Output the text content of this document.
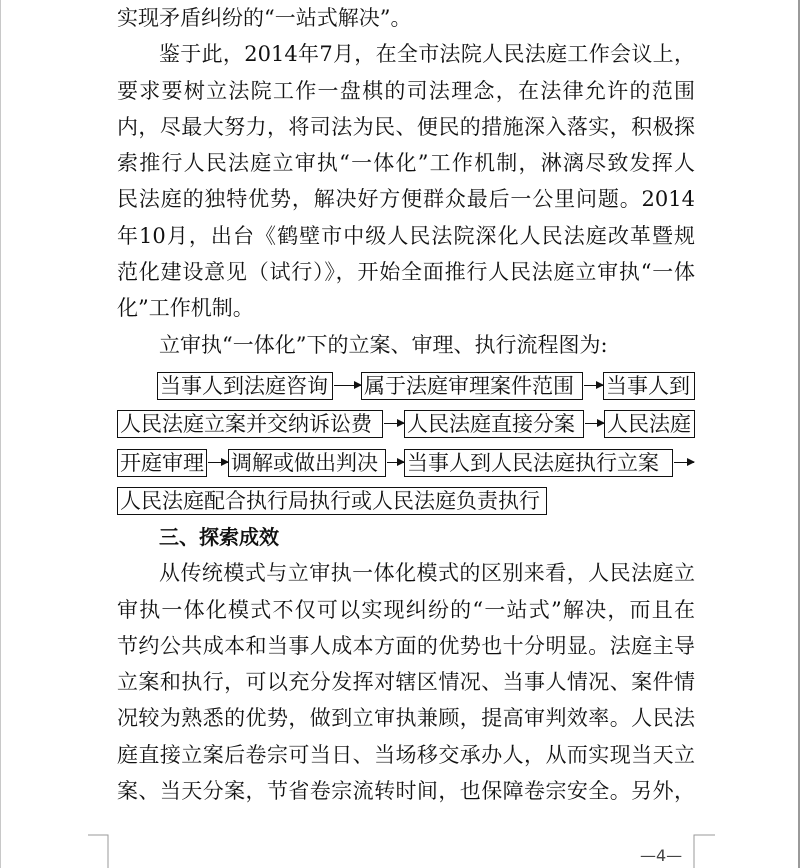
实现矛盾纠纷的“一站式解决”。
鉴于此，2014年7月，在全市法院人民法庭工作会议上，
要求要树立法院工作一盘棋的司法理念，在法律允许的范围
内，尽最大努力，将司法为民、便民的措施深入落实，积极探
索推行人民法庭立审执“一体化”工作机制，淋漓尽致发挥人
民法庭的独特优势，解决好方便群众最后一公里问题。2014
年10月，出台《鹤壁市中级人民法院深化人民法庭改革暨规
范化建设意见（试行）》，开始全面推行人民法庭立审执“一体
化”工作机制。
立审执“一体化”下的立案、审理、执行流程图为:
当事人到法庭咨询 属于法庭审理案件范围	当事人到
人民法庭立案并交纳诉讼费	人民法庭直接分案	人民法庭
开庭审理 调解或做出判决	当事人到人民法庭执行立案
人民法庭配合执行局执行或人民法庭负责执行
三、探索成效
从传统模式与立审执一体化模式的区别来看，人民法庭立
审执一体化模式不仅可以实现纠纷的“一站式”解决，而且在
节约公共成本和当事人成本方面的优势也十分明显。法庭主导
立案和执行，可以充分发挥对辖区情况、当事人情况、案件情
况较为熟悉的优势，做到立审执兼顾，提高审判效率。人民法
庭直接立案后卷宗可当日、当场移交承办人，从而实现当天立
案、当天分案，节省卷宗流转时间，也保障卷宗安全。另外，
—4—
